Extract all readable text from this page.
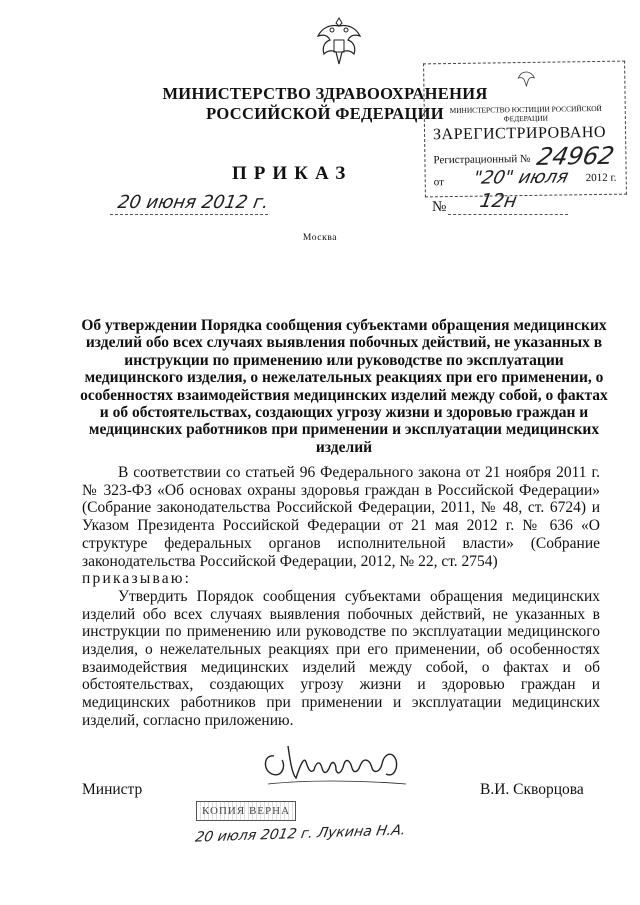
МИНИСТЕРСТВО ЗДРАВООХРАНЕНИЯ
РОССИЙСКОЙ ФЕДЕРАЦИИ МИНИСТЕРСТВО ЮСТИЦИИ РОССИЙСКОЙ ФЕДЕРАЦИИ
ЗАРЕГИСТРИРОВАНО
Регистрационный № 24962
от "20" июля 2012 г.
ПРИКАЗ
20 июня 2012 г.	№ 12н
Москва
Об утверждении Порядка сообщения субъектами обращения медицинских изделий обо всех случаях выявления побочных действий, не указанных в инструкции по применению или руководстве по эксплуатации медицинского изделия, о нежелательных реакциях при его применении, о особенностях взаимодействия медицинских изделий между собой, о фактах и об обстоятельствах, создающих угрозу жизни и здоровью граждан и медицинских работников при применении и эксплуатации медицинских изделий

В соответствии со статьей 96 Федерального закона от 21 ноября 2011 г. № 323-ФЗ «Об основах охраны здоровья граждан в Российской Федерации» (Собрание законодательства Российской Федерации, 2011, № 48, ст. 6724) и Указом Президента Российской Федерации от 21 мая 2012 г. № 636 «О структуре федеральных органов исполнительной власти» (Собрание законодательства Российской Федерации, 2012, № 22, ст. 2754)

приказываю:

Утвердить Порядок сообщения субъектами обращения медицинских изделий обо всех случаях выявления побочных действий, не указанных в инструкции по применению или руководстве по эксплуатации медицинского изделия, о нежелательных реакциях при его применении, об особенностях взаимодействия медицинских изделий между собой, о фактах и об обстоятельствах, создающих угрозу жизни и здоровью граждан и медицинских работников при применении и эксплуатации медицинских изделий, согласно приложению.

Министр	В.И. Скворцова
КОПИЯ ВЕРНА
20 июля 2012 г. Лукина Н.А.
